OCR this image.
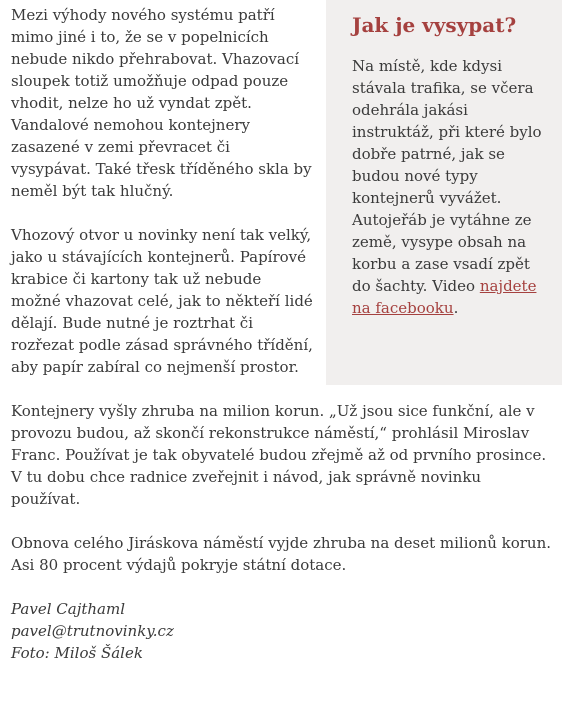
Jak je vysypat?

Na místě, kde kdysi stávala trafika, se včera odehrála jakási instruktáž, při které bylo dobře patrné, jak se budou nové typy kontejnerů vyvážet. Autojeřáb je vytáhne ze země, vysype obsah na korbu a zase vsadí zpět do šachty. Video najdete na facebooku.

Mezi výhody nového systému patří mimo jiné i to, že se v popelnicích nebude nikdo přehrabovat. Vhazovací sloupek totiž umožňuje odpad pouze vhodit, nelze ho už vyndat zpět. Vandalové nemohou kontejnery zasazené v zemi převracet či vysypávat. Také třesk tříděného skla by neměl být tak hlučný.

Vhozový otvor u novinky není tak velký, jako u stávajících kontejnerů. Papírové krabice či kartony tak už nebude možné vhazovat celé, jak to někteří lidé dělají. Bude nutné je roztrhat či rozřezat podle zásad správného třídění, aby papír zabíral co nejmenší prostor.

Kontejnery vyšly zhruba na milion korun. „Už jsou sice funkční, ale v provozu budou, až skončí rekonstrukce náměstí,“ prohlásil Miroslav Franc. Používat je tak obyvatelé budou zřejmě až od prvního prosince. V tu dobu chce radnice zveřejnit i návod, jak správně novinku používat.

Obnova celého Jiráskova náměstí vyjde zhruba na deset milionů korun. Asi 80 procent výdajů pokryje státní dotace.

Pavel Cajthaml
pavel@trutnovinky.cz
Foto: Miloš Šálek
